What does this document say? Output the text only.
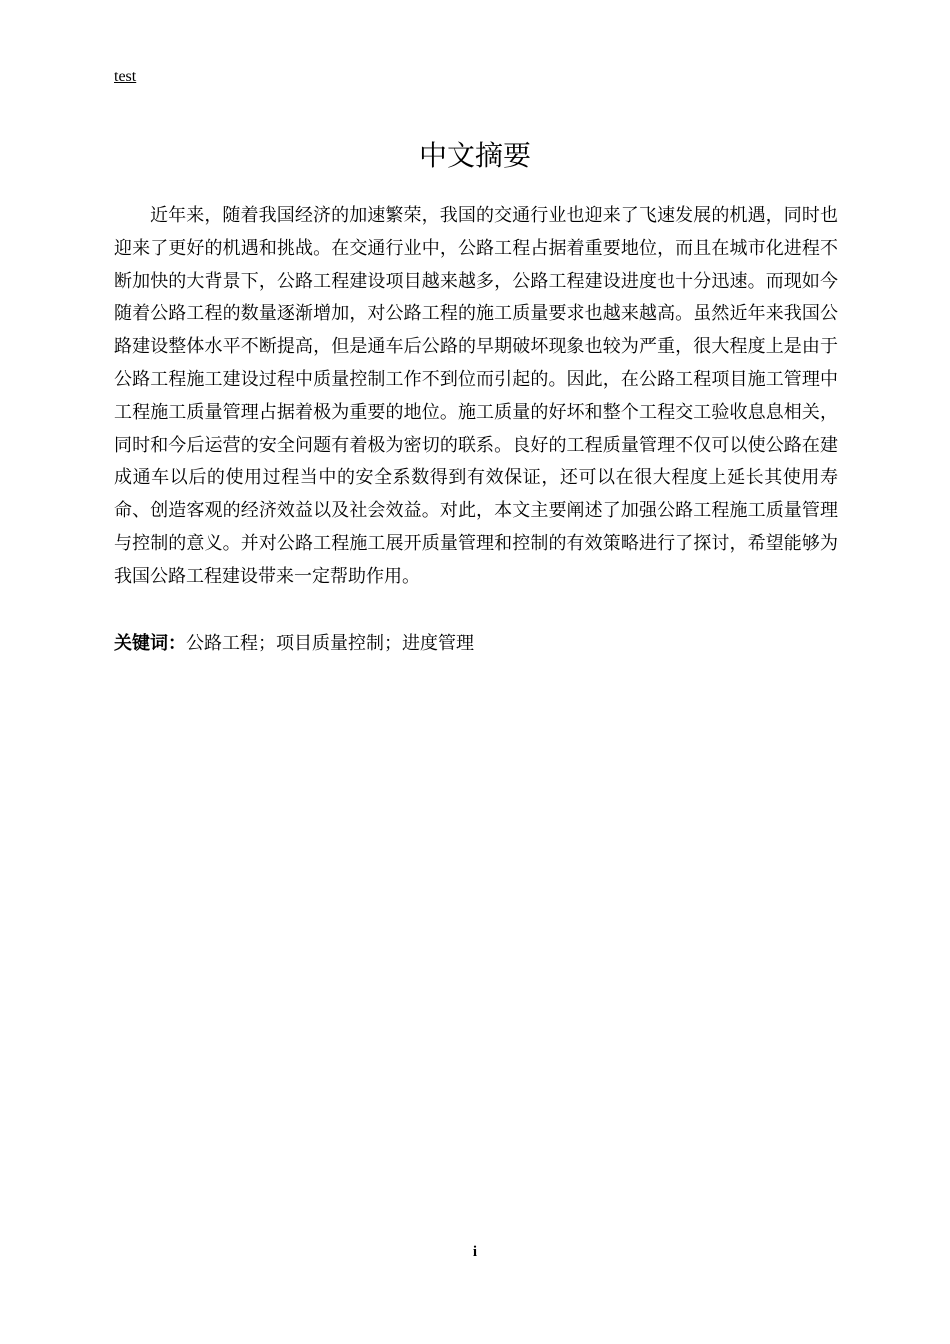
test
中文摘要

近年来，随着我国经济的加速繁荣，我国的交通行业也迎来了飞速发展的机遇，同时也迎来了更好的机遇和挑战。在交通行业中，公路工程占据着重要地位，而且在城市化进程不断加快的大背景下，公路工程建设项目越来越多，公路工程建设进度也十分迅速。而现如今随着公路工程的数量逐渐增加，对公路工程的施工质量要求也越来越高。虽然近年来我国公路建设整体水平不断提高，但是通车后公路的早期破坏现象也较为严重，很大程度上是由于公路工程施工建设过程中质量控制工作不到位而引起的。因此，在公路工程项目施工管理中工程施工质量管理占据着极为重要的地位。施工质量的好坏和整个工程交工验收息息相关，同时和今后运营的安全问题有着极为密切的联系。良好的工程质量管理不仅可以使公路在建成通车以后的使用过程当中的安全系数得到有效保证，还可以在很大程度上延长其使用寿命、创造客观的经济效益以及社会效益。对此，本文主要阐述了加强公路工程施工质量管理与控制的意义。并对公路工程施工展开质量管理和控制的有效策略进行了探讨，希望能够为我国公路工程建设带来一定帮助作用。

关键词：公路工程；项目质量控制；进度管理

i
